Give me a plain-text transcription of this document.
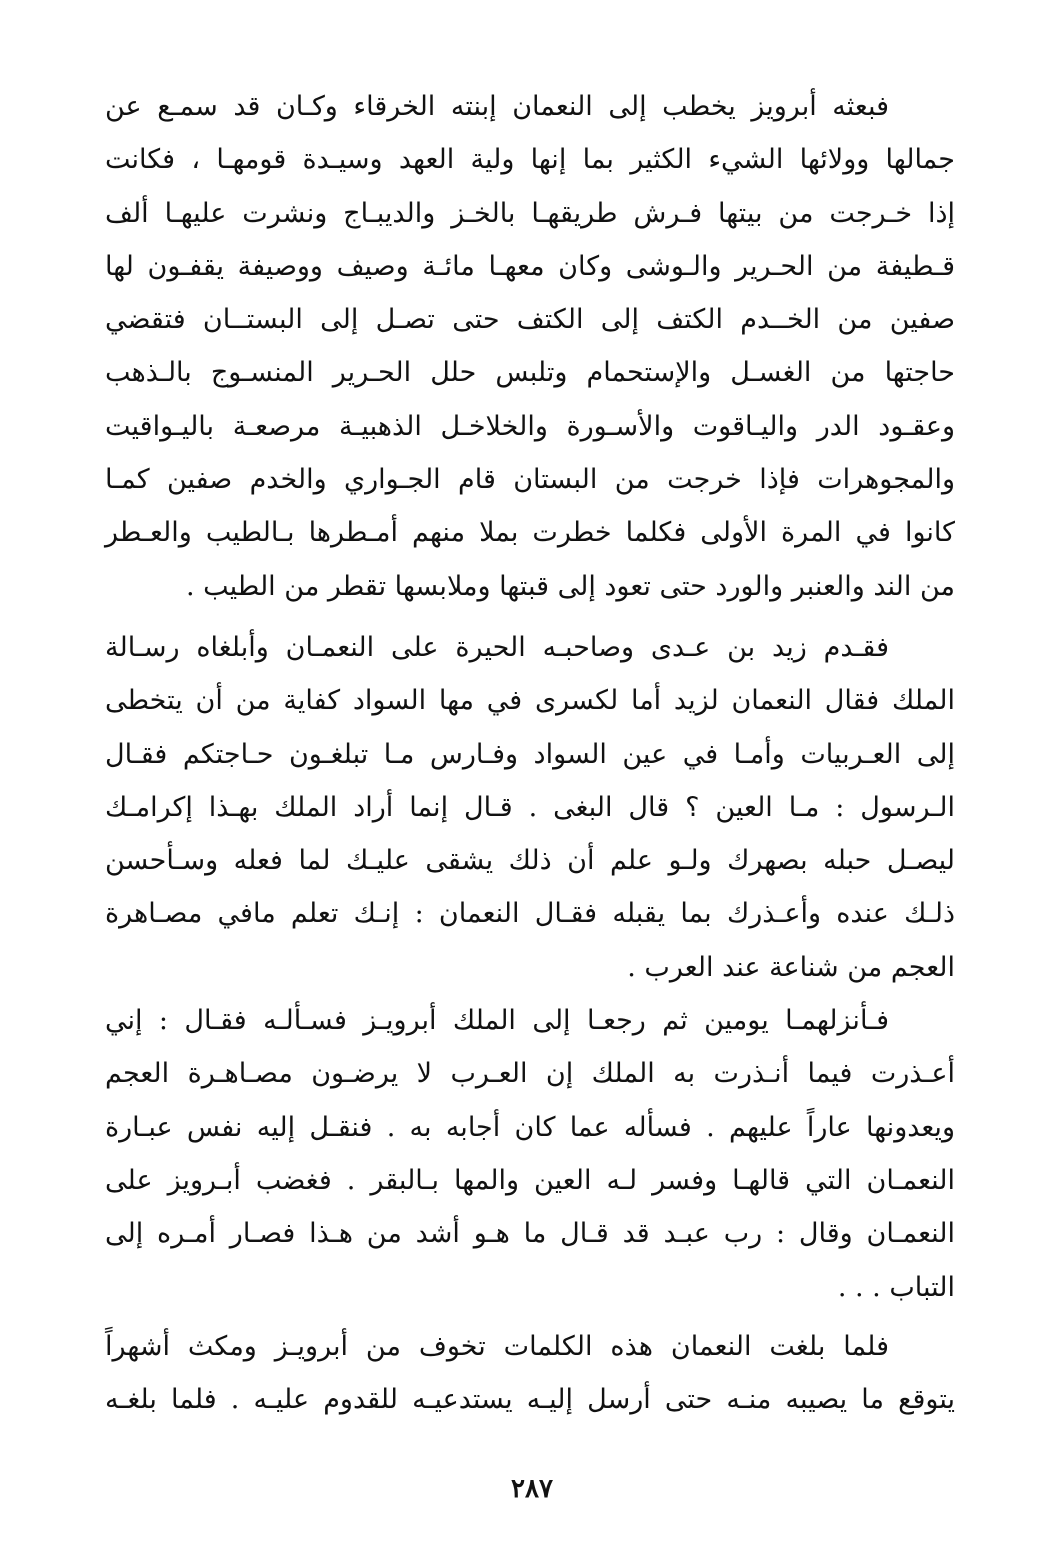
فبعثه أبرويز يخطب إلى النعمان إبنته الخرقاء وكـان قد سمـع عن
جمالها وولائها الشيء الكثير بما إنها ولية العهد وسيـدة قومهـا ، فكانت
إذا خـرجت من بيتها فـرش طريقهـا بالخـز والديبـاج ونشرت عليهـا ألف
قـطيفة من الحـرير والـوشى وكان معهـا مائـة وصيف ووصيفة يقفـون لها
صفين من الخــدم الكتف إلى الكتف حتى تصـل إلى البستــان فتقضي
حاجتها من الغسـل والإستحمام وتلبس حلل الحـرير المنسـوج بالـذهب
وعقـود الدر واليـاقوت والأسـورة والخلاخـل الذهبيـة مرصعـة باليـواقيت
والمجوهرات فإذا خرجت من البستان قام الجـواري والخدم صفين كمـا
كانوا في المرة الأولى فكلما خطرت بملا منهم أمـطرها بـالطيب والعـطر
من الند والعنبر والورد حتى تعود إلى قبتها وملابسها تقطر من الطيب .
فقـدم زيد بن عـدى وصاحبـه الحيرة على النعمـان وأبلغاه رسـالة
الملك فقال النعمان لزيد أما لكسرى في مها السواد كفاية من أن يتخطى
إلى العـربيات وأمـا في عين السواد وفـارس مـا تبلغـون حـاجتكم فقـال
الـرسول : مـا العين ؟ قال البغى . قـال إنما أراد الملك بهـذا إكرامـك
ليصـل حبله بصهرك ولـو علم أن ذلك يشقى عليـك لما فعله وسـأحسن
ذلـك عنده وأعـذرك بما يقبله فقـال النعمان : إنـك تعلم مافي مصـاهرة
العجم من شناعة عند العرب .
فـأنزلهمـا يومين ثم رجعـا إلى الملك أبرويـز فسـألـه فقـال : إني
أعـذرت فيما أنـذرت به الملك إن العـرب لا يرضـون مصـاهـرة العجم
ويعدونها عاراً عليهم . فسأله عما كان أجابه به . فنقـل إليه نفس عبـارة
النعمـان التي قالهـا وفسر لـه العين والمها بـالبقر . فغضب أبـرويز على
النعمـان وقال : رب عبـد قد قـال ما هـو أشد من هـذا فصـار أمـره إلى
التباب . . .
فلما بلغت النعمان هذه الكلمات تخوف من أبرويـز ومكث أشهراً
يتوقع ما يصيبه منـه حتى أرسل إليـه يستدعيـه للقدوم عليـه . فلما بلغـه
٢٨٧
